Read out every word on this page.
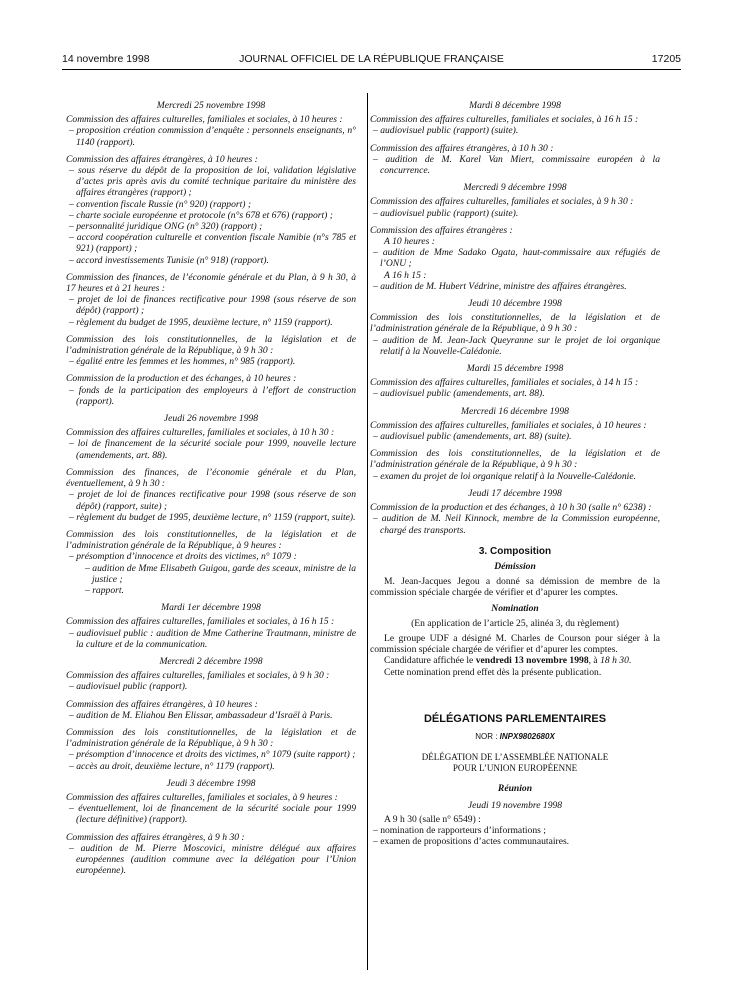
14 novembre 1998	JOURNAL OFFICIEL DE LA RÉPUBLIQUE FRANÇAISE	17205

Mercredi 25 novembre 1998

Commission des affaires culturelles, familiales et sociales, à 10 heures :

– proposition création commission d’enquête : personnels enseignants, n° 1140 (rapport).

Commission des affaires étrangères, à 10 heures :

– sous réserve du dépôt de la proposition de loi, validation législative d’actes pris après avis du comité technique paritaire du ministère des affaires étrangères (rapport) ;

– convention fiscale Russie (n° 920) (rapport) ;

– charte sociale européenne et protocole (n°s 678 et 676) (rapport) ;

– personnalité juridique ONG (n° 320) (rapport) ;

– accord coopération culturelle et convention fiscale Namibie (n°s 785 et 921) (rapport) ;

– accord investissements Tunisie (n° 918) (rapport).

Commission des finances, de l’économie générale et du Plan, à 9 h 30, à 17 heures et à 21 heures :

– projet de loi de finances rectificative pour 1998 (sous réserve de son dépôt) (rapport) ;

– règlement du budget de 1995, deuxième lecture, n° 1159 (rapport).

Commission des lois constitutionnelles, de la législation et de l’administration générale de la République, à 9 h 30 :

– égalité entre les femmes et les hommes, n° 985 (rapport).

Commission de la production et des échanges, à 10 heures :

– fonds de la participation des employeurs à l’effort de construction (rapport).

Jeudi 26 novembre 1998

Commission des affaires culturelles, familiales et sociales, à 10 h 30 :

– loi de financement de la sécurité sociale pour 1999, nouvelle lecture (amendements, art. 88).

Commission des finances, de l’économie générale et du Plan, éventuellement, à 9 h 30 :

– projet de loi de finances rectificative pour 1998 (sous réserve de son dépôt) (rapport, suite) ;

– règlement du budget de 1995, deuxième lecture, n° 1159 (rapport, suite).

Commission des lois constitutionnelles, de la législation et de l’administration générale de la République, à 9 heures :

– présomption d’innocence et droits des victimes, n° 1079 :

– audition de Mme Elisabeth Guigou, garde des sceaux, ministre de la justice ;

– rapport.

Mardi 1er décembre 1998

Commission des affaires culturelles, familiales et sociales, à 16 h 15 :

– audiovisuel public : audition de Mme Catherine Trautmann, ministre de la culture et de la communication.

Mercredi 2 décembre 1998

Commission des affaires culturelles, familiales et sociales, à 9 h 30 :

– audiovisuel public (rapport).

Commission des affaires étrangères, à 10 heures :

– audition de M. Eliahou Ben Elissar, ambassadeur d’Israël à Paris.

Commission des lois constitutionnelles, de la législation et de l’administration générale de la République, à 9 h 30 :

– présomption d’innocence et droits des victimes, n° 1079 (suite rapport) ;

– accès au droit, deuxième lecture, n° 1179 (rapport).

Jeudi 3 décembre 1998

Commission des affaires culturelles, familiales et sociales, à 9 heures :

– éventuellement, loi de financement de la sécurité sociale pour 1999 (lecture définitive) (rapport).

Commission des affaires étrangères, à 9 h 30 :

– audition de M. Pierre Moscovici, ministre délégué aux affaires européennes (audition commune avec la délégation pour l’Union européenne).

Mardi 8 décembre 1998

Commission des affaires culturelles, familiales et sociales, à 16 h 15 :

– audiovisuel public (rapport) (suite).

Commission des affaires étrangères, à 10 h 30 :

– audition de M. Karel Van Miert, commissaire européen à la concurrence.

Mercredi 9 décembre 1998

Commission des affaires culturelles, familiales et sociales, à 9 h 30 :

– audiovisuel public (rapport) (suite).

Commission des affaires étrangères :

A 10 heures :

– audition de Mme Sadako Ogata, haut-commissaire aux réfugiés de l’ONU ;

A 16 h 15 :

– audition de M. Hubert Védrine, ministre des affaires étrangères.

Jeudi 10 décembre 1998

Commission des lois constitutionnelles, de la législation et de l’administration générale de la République, à 9 h 30 :

– audition de M. Jean-Jack Queyranne sur le projet de loi organique relatif à la Nouvelle-Calédonie.

Mardi 15 décembre 1998

Commission des affaires culturelles, familiales et sociales, à 14 h 15 :

– audiovisuel public (amendements, art. 88).

Mercredi 16 décembre 1998

Commission des affaires culturelles, familiales et sociales, à 10 heures :

– audiovisuel public (amendements, art. 88) (suite).

Commission des lois constitutionnelles, de la législation et de l’administration générale de la République, à 9 h 30 :

– examen du projet de loi organique relatif à la Nouvelle-Calédonie.

Jeudi 17 décembre 1998

Commission de la production et des échanges, à 10 h 30 (salle n° 6238) :

– audition de M. Neil Kinnock, membre de la Commission européenne, chargé des transports.

3. Composition

Démission

M. Jean-Jacques Jegou a donné sa démission de membre de la commission spéciale chargée de vérifier et d’apurer les comptes.

Nomination

(En application de l’article 25, alinéa 3, du règlement)

Le groupe UDF a désigné M. Charles de Courson pour siéger à la commission spéciale chargée de vérifier et d’apurer les comptes.

Candidature affichée le vendredi 13 novembre 1998, à 18 h 30.

Cette nomination prend effet dès la présente publication.

DÉLÉGATIONS PARLEMENTAIRES

NOR : INPX9802680X

DÉLÉGATION DE L’ASSEMBLÉE NATIONALE

POUR L’UNION EUROPÉENNE

Réunion

Jeudi 19 novembre 1998

A 9 h 30 (salle n° 6549) :

– nomination de rapporteurs d’informations ;

– examen de propositions d’actes communautaires.
